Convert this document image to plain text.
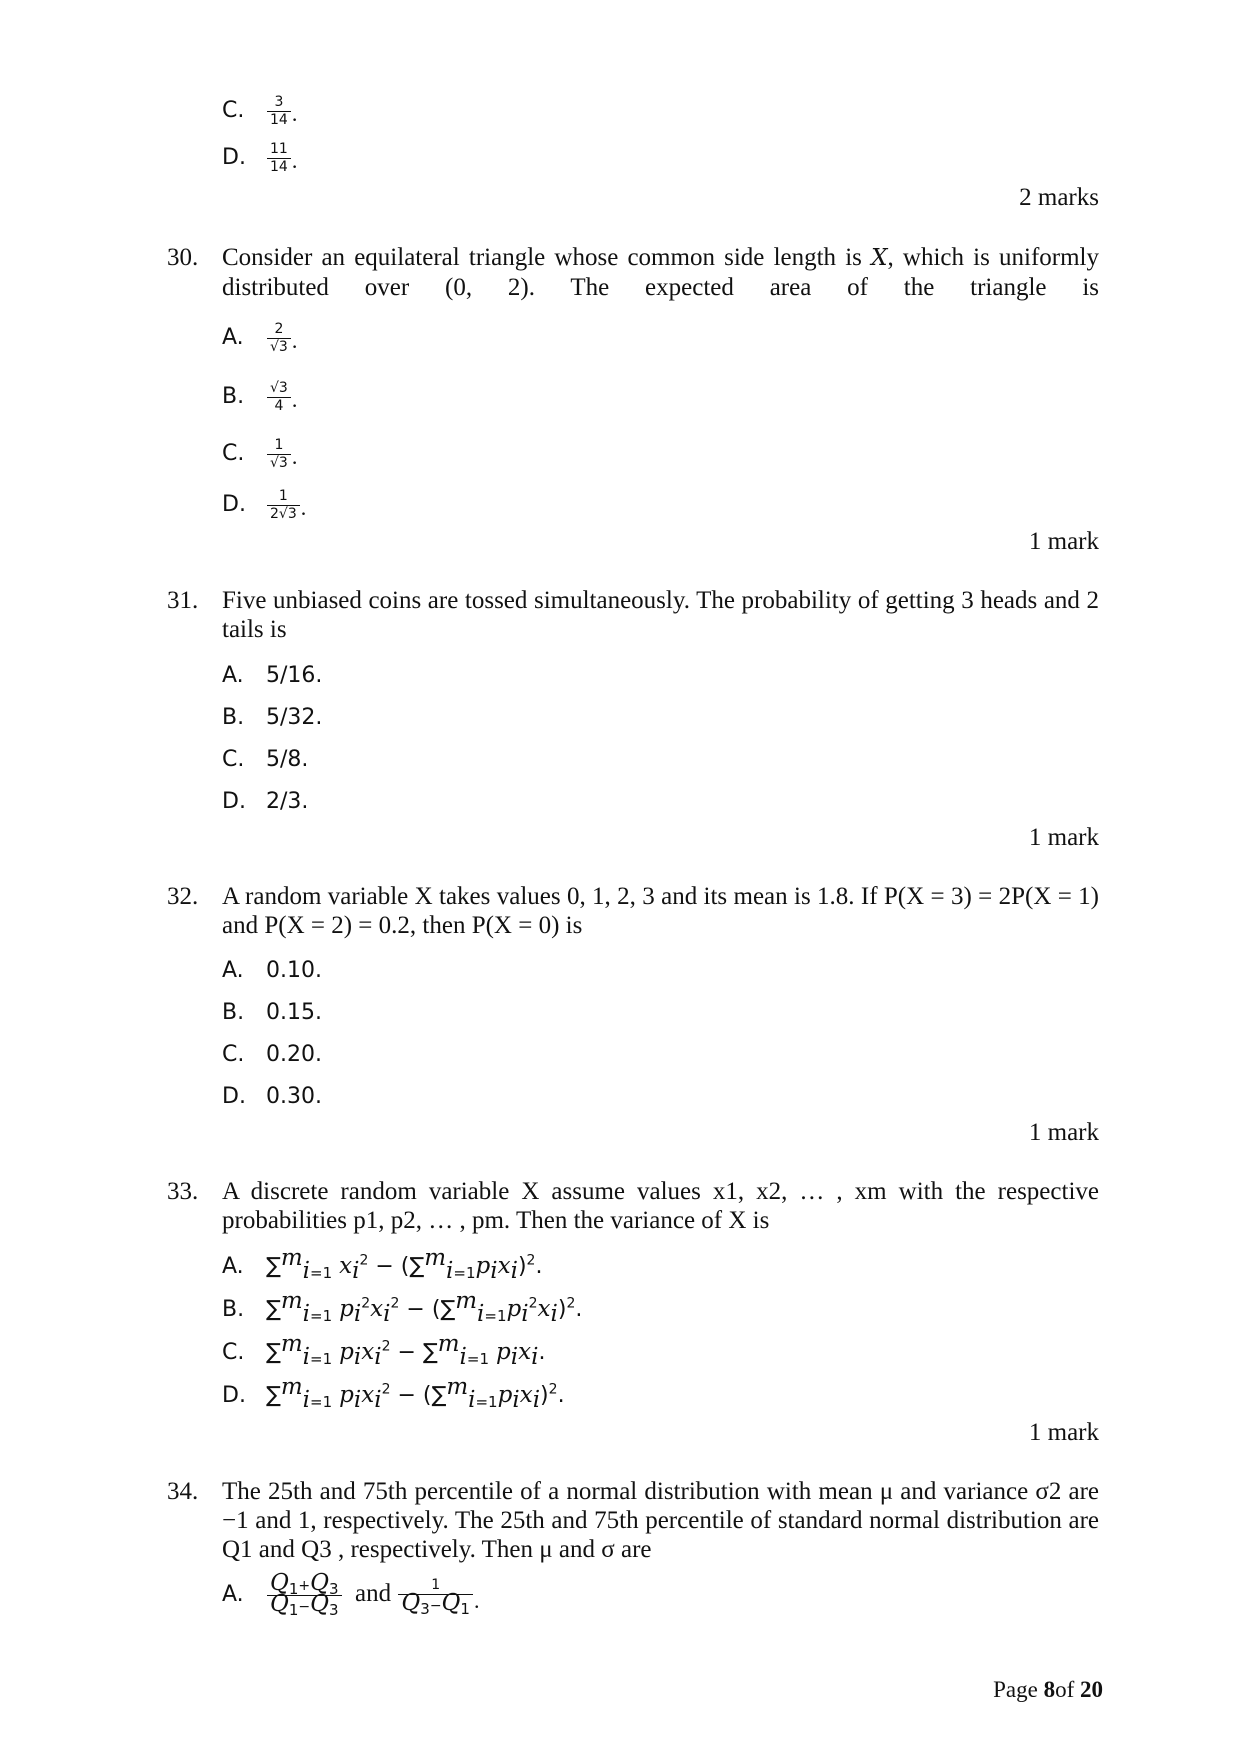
C. $\frac{3}{14}$ .
D. $\frac{11}{14}$ .
2 marks
30. Consider an equilateral triangle whose common side length is X, which is uniformly distributed over (0, 2). The expected area of the triangle is
A. $\frac{2}{√3}$ .
B. $\frac{√3}{4}$ .
C. $\frac{1}{√3}$ .
D. $\frac{1}{2√3}$ .
1 mark
31. Five unbiased coins are tossed simultaneously. The probability of getting 3 heads and 2 tails is
A. 5/16.
B. 5/32.
C. 5/8.
D. 2/3.
1 mark
32. A random variable X takes values 0, 1, 2, 3 and its mean is 1.8. If P(X = 3) = 2P(X = 1) and P(X = 2) = 0.2, then P(X = 0) is
A. 0.10.
B. 0.15.
C. 0.20.
D. 0.30.
1 mark
33. A discrete random variable X assume values x1, x2, … , xm with the respective probabilities p1, p2, … , pm. Then the variance of X is
A. ∑$^m_{i=1}$ $x_i^2 - (\sum^m_{i=1}p_ix_i)^2$.
B. ∑$^m_{i=1}$ $p_i^2x_i^2 - (\sum^m_{i=1}p_i^2x_i)^2$.
C. ∑$^m_{i=1}$ $p_ix_i^2 - \sum^m_{i=1}$ $p_ix_i$.
D. ∑$^m_{i=1}$ $p_ix_i^2 - (\sum^m_{i=1}p_ix_i)^2$.
1 mark
34. The 25th and 75th percentile of a normal distribution with mean μ and variance σ2 are −1 and 1, respectively. The 25th and 75th percentile of standard normal distribution are Q1 and Q3 , respectively. Then μ and σ are
A. $\frac{Q_1+Q_3}{Q_1-Q_3}$ and $\frac{1}{Q_3-Q_1}$ .
Page 8of 20
